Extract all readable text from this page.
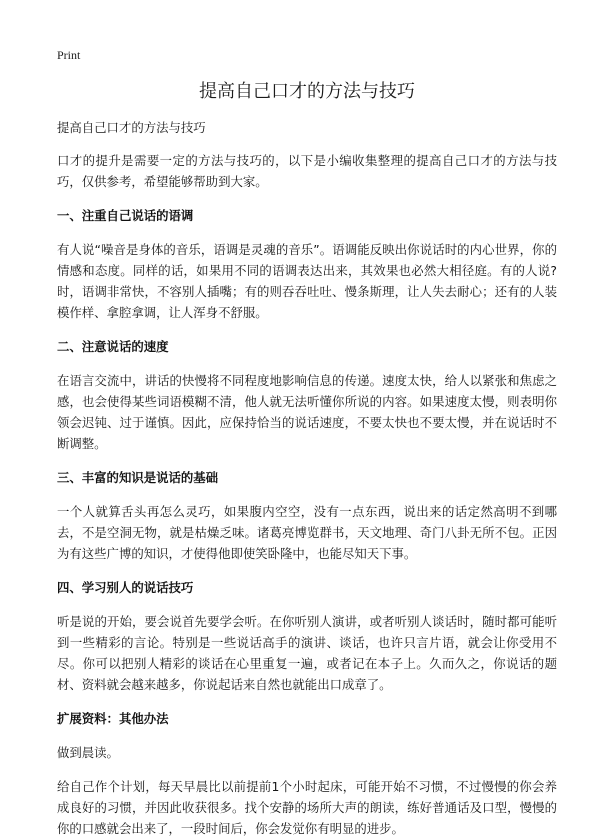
Print
提高自己口才的方法与技巧

提高自己口才的方法与技巧

口才的提升是需要一定的方法与技巧的，以下是小编收集整理的提高自己口才的方法与技巧，仅供参考，希望能够帮助到大家。

一、注重自己说话的语调

有人说“噪音是身体的音乐，语调是灵魂的音乐”。语调能反映出你说话时的内心世界，你的情感和态度。同样的话，如果用不同的语调表达出来，其效果也必然大相径庭。有的人说?时，语调非常快，不容别人插嘴；有的则吞吞吐吐、慢条斯理，让人失去耐心；还有的人装模作样、拿腔拿调，让人浑身不舒服。

二、注意说话的速度

在语言交流中，讲话的快慢将不同程度地影响信息的传递。速度太快，给人以紧张和焦虑之感，也会使得某些词语模糊不清，他人就无法听懂你所说的内容。如果速度太慢，则表明你领会迟钝、过于谨慎。因此，应保持恰当的说话速度，不要太快也不要太慢，并在说话时不断调整。

三、丰富的知识是说话的基础

一个人就算舌头再怎么灵巧，如果腹内空空，没有一点东西，说出来的话定然高明不到哪去，不是空洞无物，就是枯燥乏味。诸葛亮博览群书，天文地理、奇门八卦无所不包。正因为有这些广博的知识，才使得他即使笑卧隆中，也能尽知天下事。

四、学习别人的说话技巧

听是说的开始，要会说首先要学会听。在你听别人演讲，或者听别人谈话时，随时都可能听到一些精彩的言论。特别是一些说话高手的演讲、谈话，也许只言片语，就会让你受用不尽。你可以把别人精彩的谈话在心里重复一遍，或者记在本子上。久而久之，你说话的题材、资料就会越来越多，你说起话来自然也就能出口成章了。

扩展资料：其他办法

做到晨读。

给自己作个计划，每天早晨比以前提前1个小时起床，可能开始不习惯，不过慢慢的你会养成良好的习惯，并因此收获很多。找个安静的场所大声的朗读，练好普通话及口型，慢慢的你的口感就会出来了，一段时间后，你会发觉你有明显的进步。
